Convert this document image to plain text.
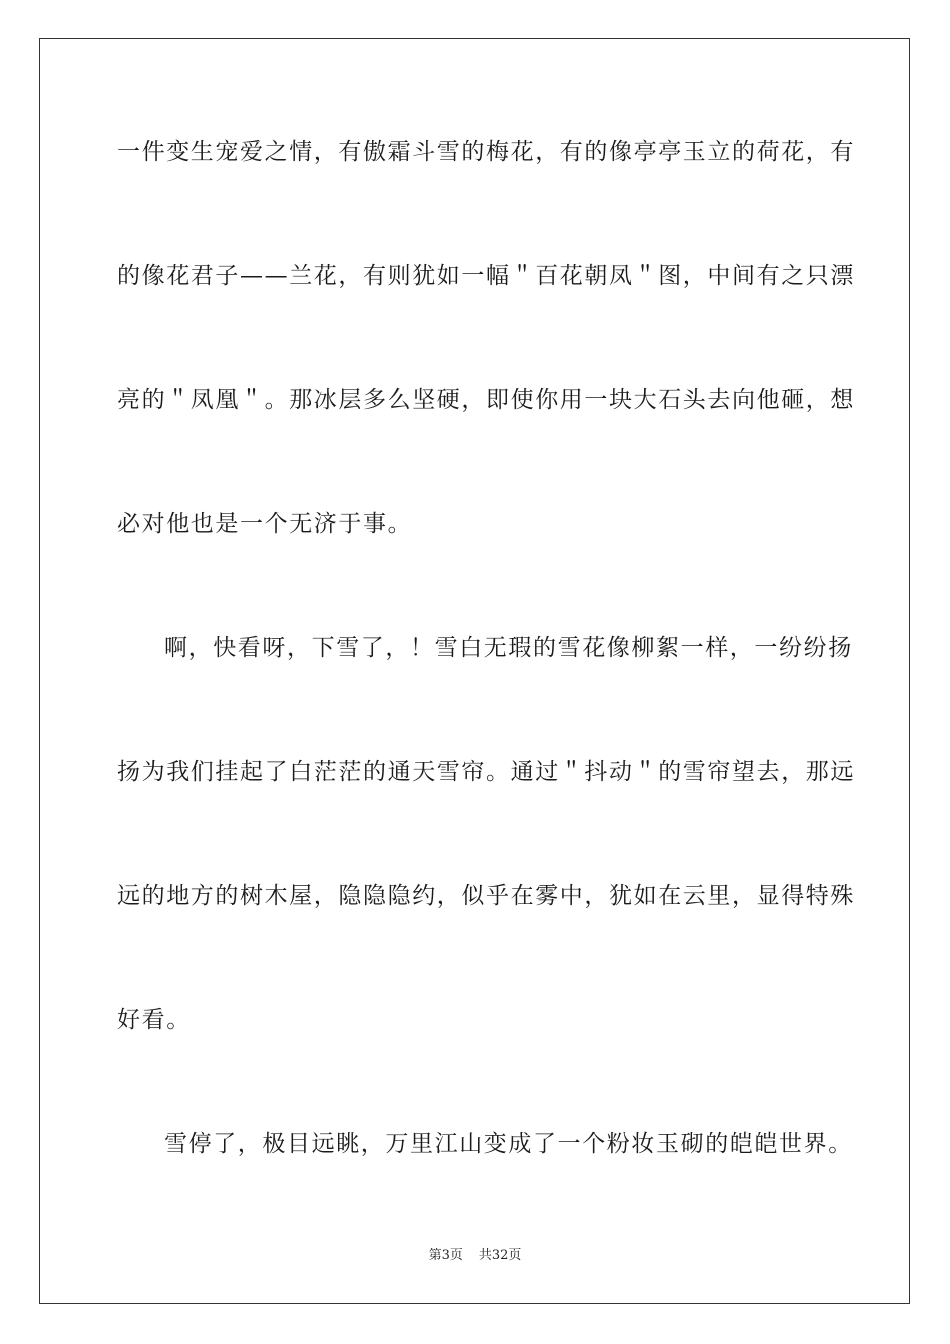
一件变生宠爱之情，有傲霜斗雪的梅花，有的像亭亭玉立的荷花，有
的像花君子——兰花，有则犹如一幅＂百花朝凤＂图，中间有之只漂
亮的＂凤凰＂。那冰层多么坚硬，即使你用一块大石头去向他砸，想
必对他也是一个无济于事。
啊，快看呀，下雪了，！雪白无瑕的雪花像柳絮一样，一纷纷扬
扬为我们挂起了白茫茫的通天雪帘。通过＂抖动＂的雪帘望去，那远
远的地方的树木屋，隐隐隐约，似乎在雾中，犹如在云里，显得特殊
好看。
雪停了，极目远眺，万里江山变成了一个粉妆玉砌的皑皑世界。
第3页 共32页
